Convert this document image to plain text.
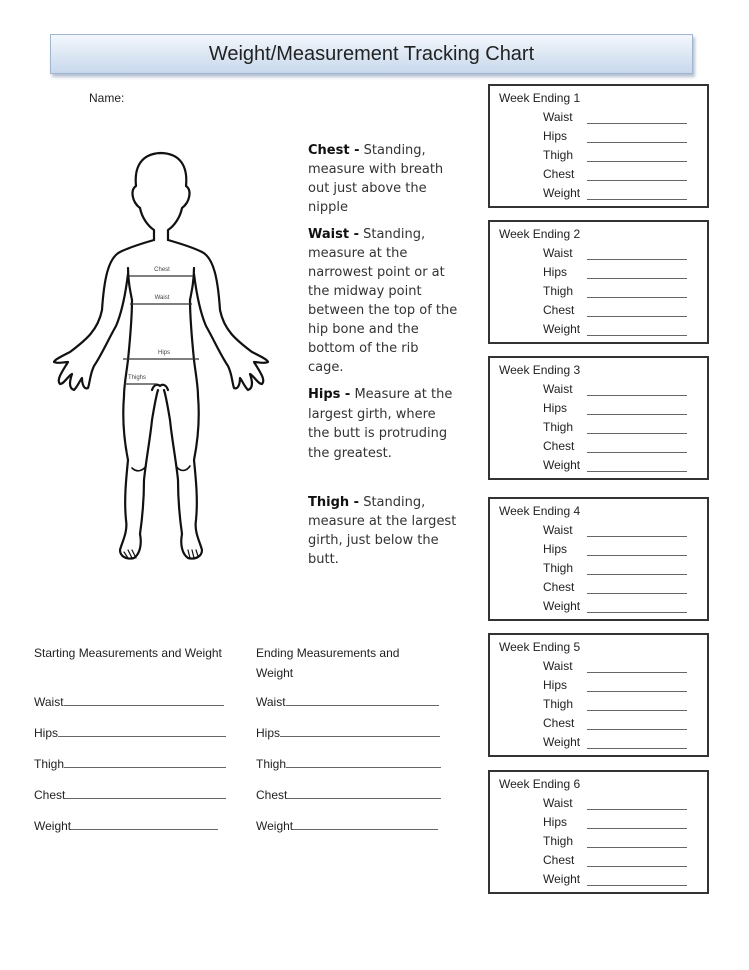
Weight/Measurement Tracking Chart
Name:
Chest
Waist
Hips
Thighs
Chest - Standing, measure with breath out just above the nipple
Waist - Standing, measure at the narrowest point or at the midway point between the top of the hip bone and the bottom of the rib cage.
Hips - Measure at the largest girth, where the butt is protruding the greatest.
Thigh - Standing, measure at the largest girth, just below the butt.
Week Ending 1
Waist
Hips
Thigh
Chest
Weight
Week Ending 2
Waist
Hips
Thigh
Chest
Weight
Week Ending 3
Waist
Hips
Thigh
Chest
Weight
Week Ending 4
Waist
Hips
Thigh
Chest
Weight
Week Ending 5
Waist
Hips
Thigh
Chest
Weight
Week Ending 6
Waist
Hips
Thigh
Chest
Weight
Starting Measurements and Weight
Waist
Hips
Thigh
Chest
Weight
Ending Measurements and Weight
Waist
Hips
Thigh
Chest
Weight
